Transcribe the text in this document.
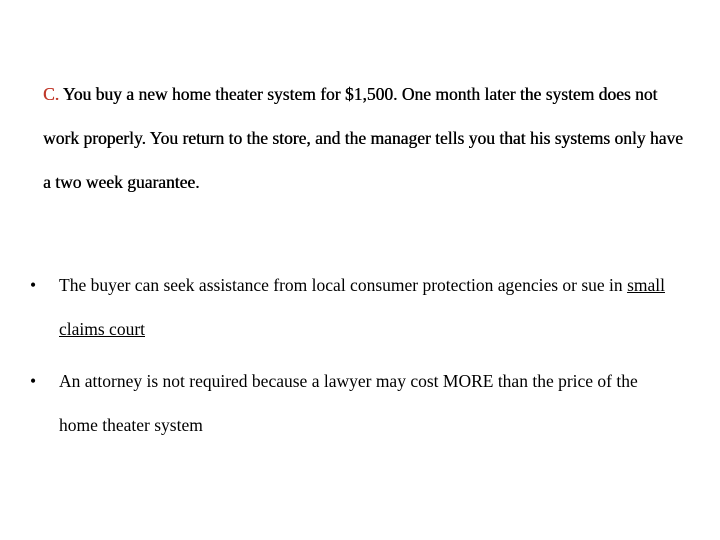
C. You buy a new home theater system for $1,500. One month later the system does not work properly. You return to the store, and the manager tells you that his systems only have a two week guarantee.
• The buyer can seek assistance from local consumer protection agencies or sue in small claims court
• An attorney is not required because a lawyer may cost MORE than the price of the home theater system
